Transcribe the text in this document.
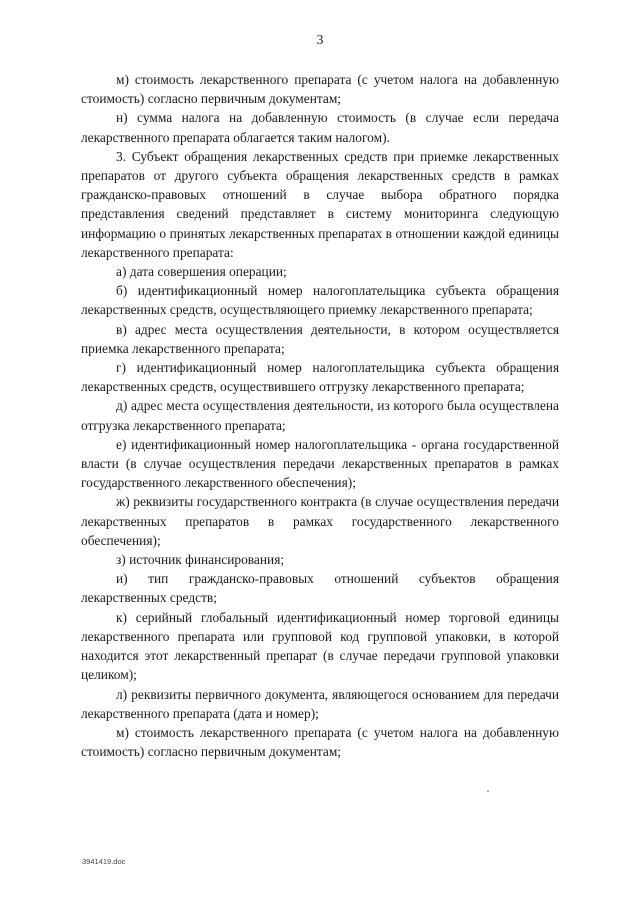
3

м) стоимость лекарственного препарата (с учетом налога на добавленную стоимость) согласно первичным документам;

н) сумма налога на добавленную стоимость (в случае если передача лекарственного препарата облагается таким налогом).

3. Субъект обращения лекарственных средств при приемке лекарственных препаратов от другого субъекта обращения лекарственных средств в рамках гражданско-правовых отношений в случае выбора обратного порядка представления сведений представляет в систему мониторинга следующую информацию о принятых лекарственных препаратах в отношении каждой единицы лекарственного препарата:

а) дата совершения операции;

б) идентификационный номер налогоплательщика субъекта обращения лекарственных средств, осуществляющего приемку лекарственного препарата;

в) адрес места осуществления деятельности, в котором осуществляется приемка лекарственного препарата;

г) идентификационный номер налогоплательщика субъекта обращения лекарственных средств, осуществившего отгрузку лекарственного препарата;

д) адрес места осуществления деятельности, из которого была осуществлена отгрузка лекарственного препарата;

е) идентификационный номер налогоплательщика - органа государственной власти (в случае осуществления передачи лекарственных препаратов в рамках государственного лекарственного обеспечения);

ж) реквизиты государственного контракта (в случае осуществления передачи лекарственных препаратов в рамках государственного лекарственного обеспечения);

з) источник финансирования;

и) тип гражданско-правовых отношений субъектов обращения лекарственных средств;

к) серийный глобальный идентификационный номер торговой единицы лекарственного препарата или групповой код групповой упаковки, в которой находится этот лекарственный препарат (в случае передачи групповой упаковки целиком);

л) реквизиты первичного документа, являющегося основанием для передачи лекарственного препарата (дата и номер);

м) стоимость лекарственного препарата (с учетом налога на добавленную стоимость) согласно первичным документам;

3941419.doc
